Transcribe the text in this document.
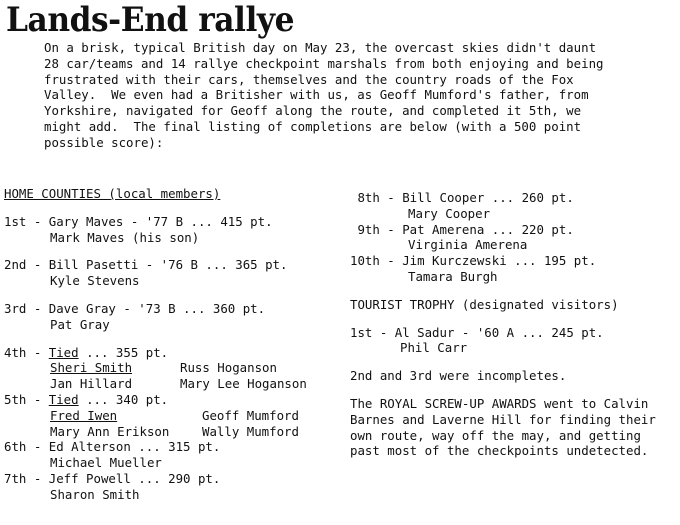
Lands-End rallye
On a brisk, typical British day on May 23, the overcast skies didn't daunt
28 car/teams and 14 rallye checkpoint marshals from both enjoying and being
frustrated with their cars, themselves and the country roads of the Fox
Valley.  We even had a Britisher with us, as Geoff Mumford's father, from
Yorkshire, navigated for Geoff along the route, and completed it 5th, we
might add.  The final listing of completions are below (with a 500 point
possible score):
HOME COUNTIES (local members)
1st - Gary Maves - '77 B ... 415 pt.
Mark Maves (his son)
2nd - Bill Pasetti - '76 B ... 365 pt.
Kyle Stevens
3rd - Dave Gray - '73 B ... 360 pt.
Pat Gray
4th - Tied ... 355 pt.
Sheri Smith	Russ Hoganson
Jan Hillard	Mary Lee Hoganson
5th - Tied ... 340 pt.
Fred Iwen	Geoff Mumford
Mary Ann Erikson	Wally Mumford
6th - Ed Alterson ... 315 pt.
Michael Mueller
7th - Jeff Powell ... 290 pt.
Sharon Smith
8th - Bill Cooper ... 260 pt.
Mary Cooper
9th - Pat Amerena ... 220 pt.
Virginia Amerena
10th - Jim Kurczewski ... 195 pt.
Tamara Burgh
TOURIST TROPHY (designated visitors)
1st - Al Sadur - '60 A ... 245 pt.
Phil Carr
2nd and 3rd were incompletes.
The ROYAL SCREW-UP AWARDS went to Calvin
Barnes and Laverne Hill for finding their
own route, way off the may, and getting
past most of the checkpoints undetected.
